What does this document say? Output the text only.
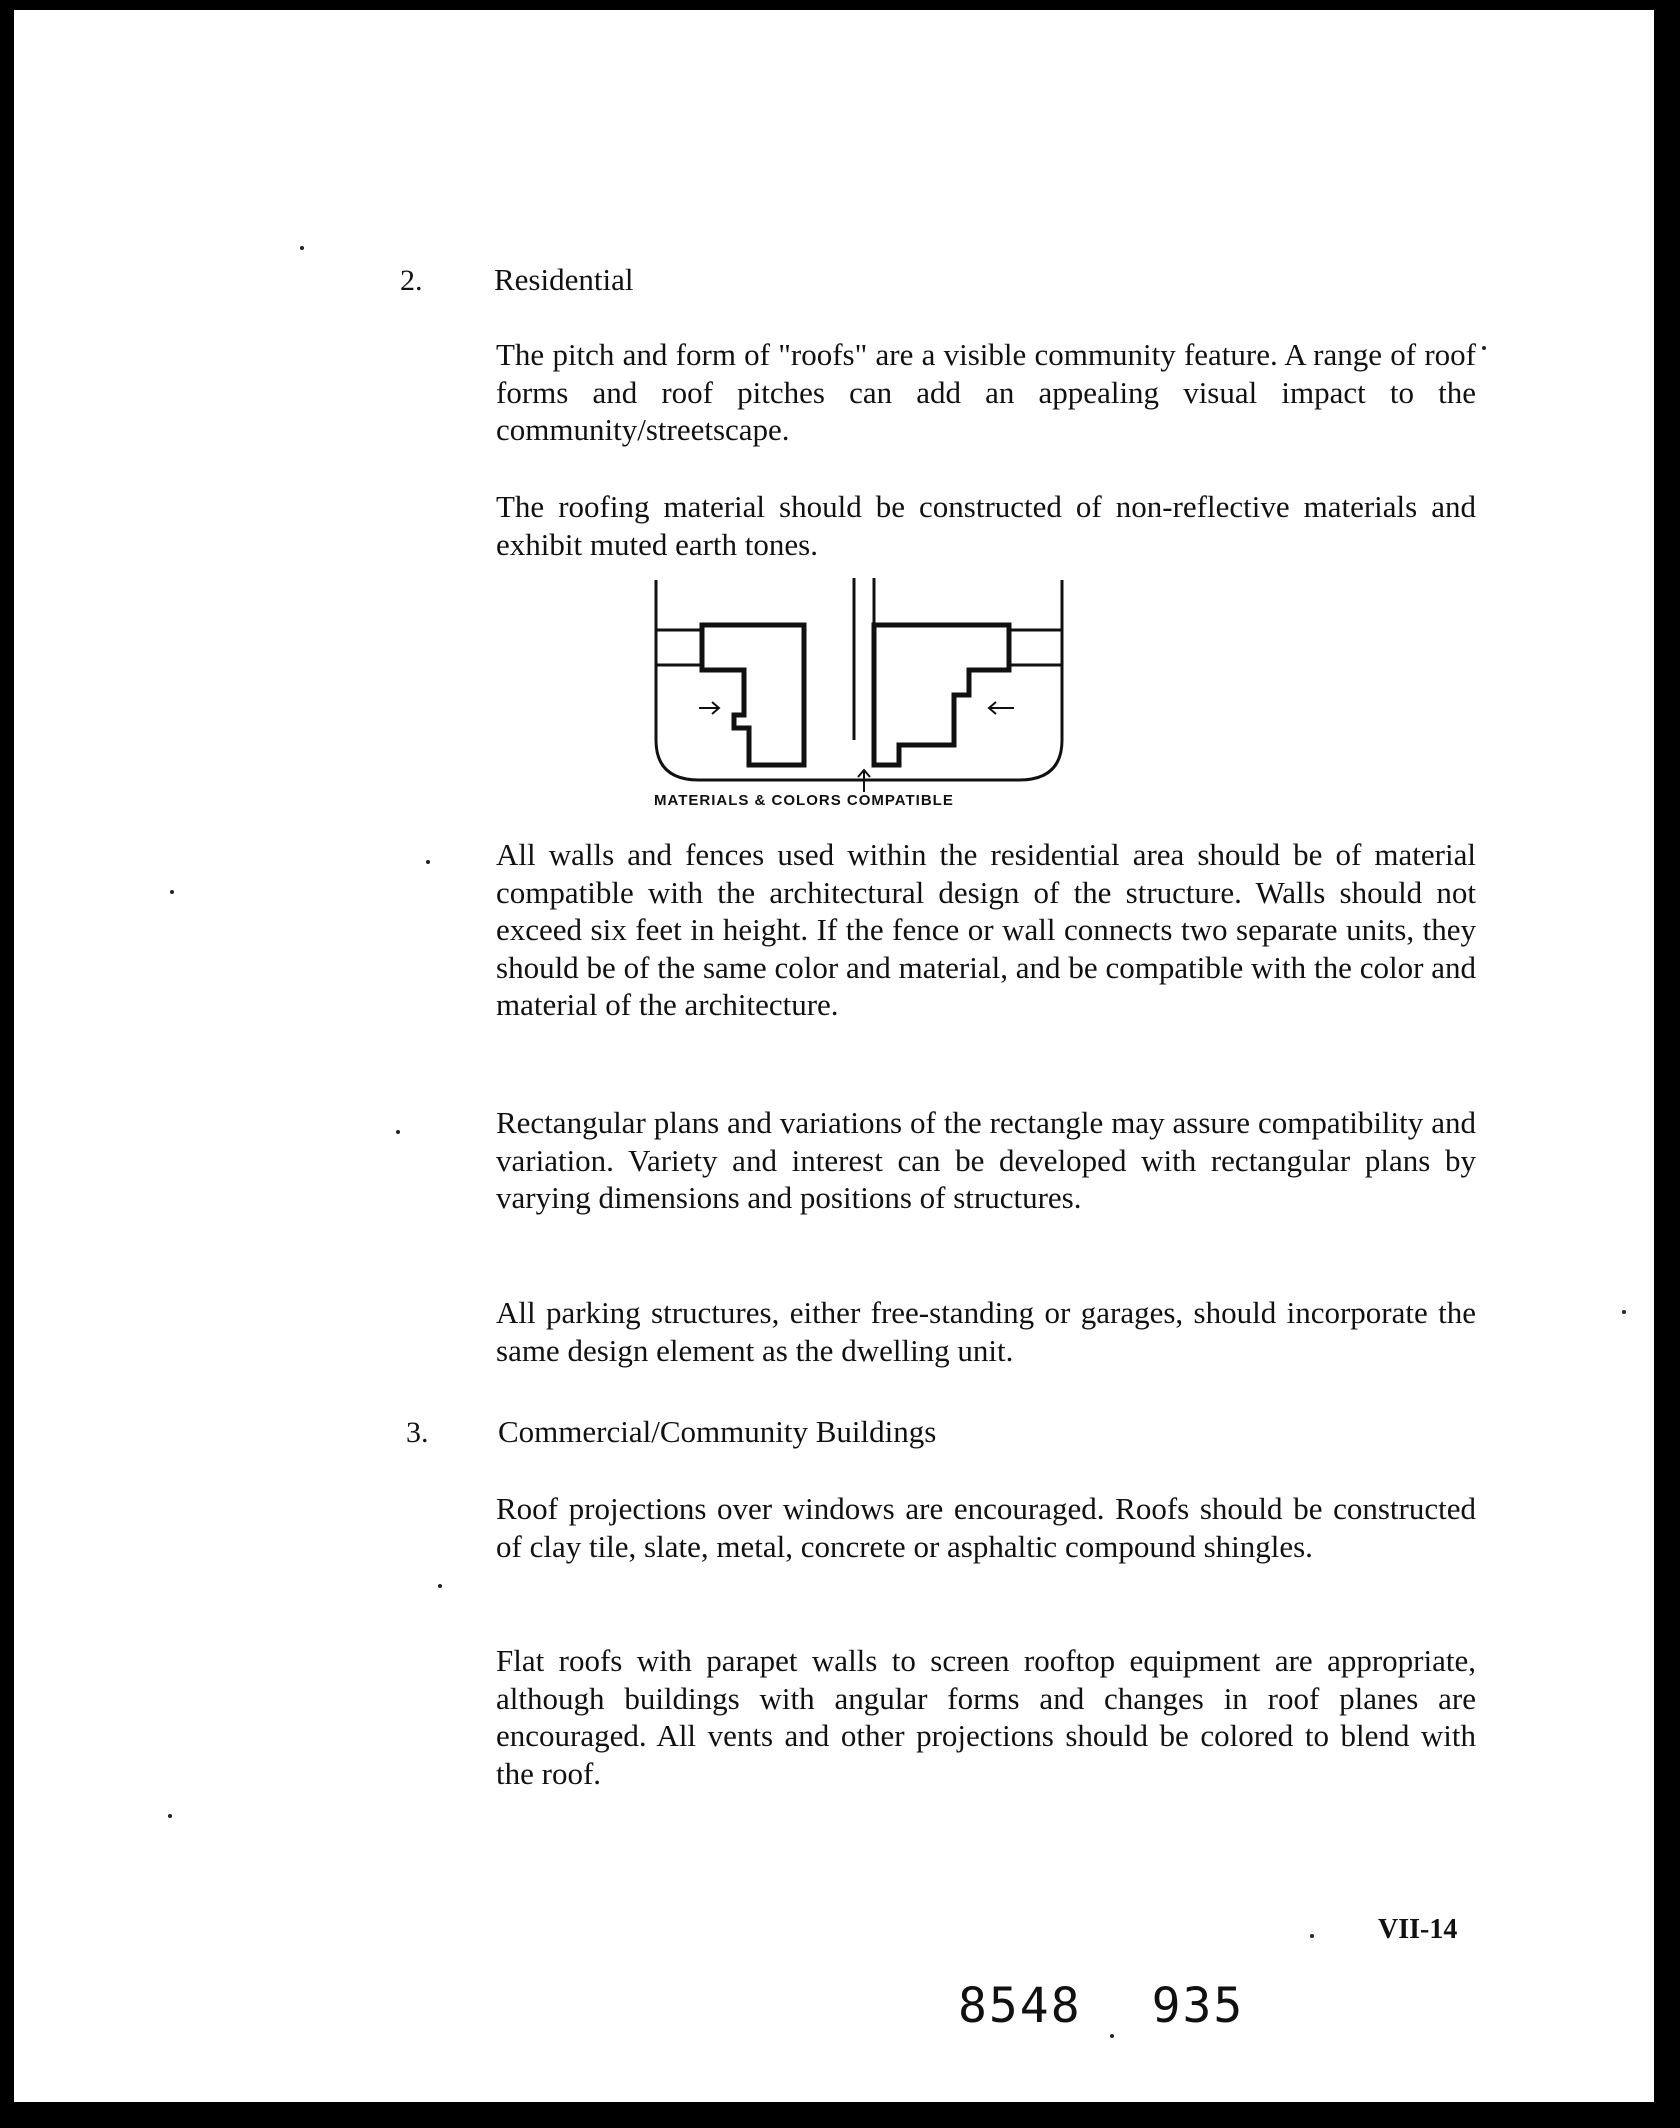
2. Residential
The pitch and form of "roofs" are a visible community feature. A range of roof forms and roof pitches can add an appealing visual impact to the community/streetscape.
The roofing material should be constructed of non-reflective materials and exhibit muted earth tones.
MATERIALS & COLORS COMPATIBLE
All walls and fences used within the residential area should be of material compatible with the architectural design of the structure. Walls should not exceed six feet in height. If the fence or wall connects two separate units, they should be of the same color and material, and be compatible with the color and material of the architecture.
Rectangular plans and variations of the rectangle may assure compatibility and variation. Variety and interest can be developed with rectangular plans by varying dimensions and positions of structures.
All parking structures, either free-standing or garages, should incorporate the same design element as the dwelling unit.
3. Commercial/Community Buildings
Roof projections over windows are encouraged. Roofs should be constructed of clay tile, slate, metal, concrete or asphaltic compound shingles.
Flat roofs with parapet walls to screen rooftop equipment are appropriate, although buildings with angular forms and changes in roof planes are encouraged. All vents and other projections should be colored to blend with the roof.
VII-14
8548 935
